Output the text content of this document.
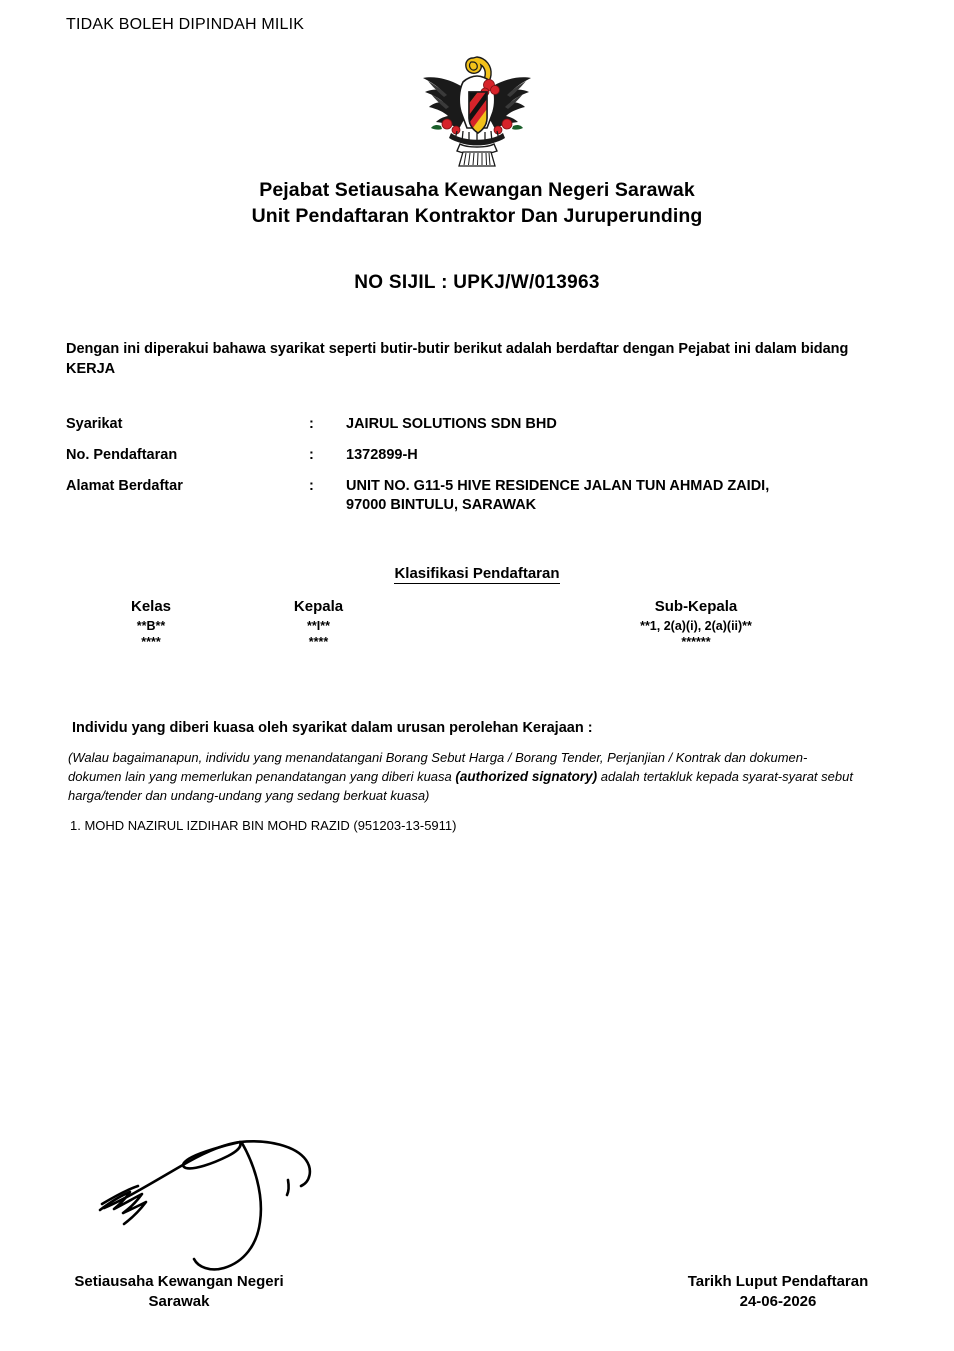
TIDAK BOLEH DIPINDAH MILIK
Pejabat Setiausaha Kewangan Negeri Sarawak
Unit Pendaftaran Kontraktor Dan Juruperunding
NO SIJIL : UPKJ/W/013963
Dengan ini diperakui bahawa syarikat seperti butir-butir berikut adalah berdaftar dengan Pejabat ini dalam bidang KERJA
Syarikat	:	JAIRUL SOLUTIONS SDN BHD
No. Pendaftaran	:	1372899-H
Alamat Berdaftar	:	UNIT NO. G11-5 HIVE RESIDENCE JALAN TUN AHMAD ZAIDI,
97000 BINTULU, SARAWAK
Klasifikasi Pendaftaran
Kelas	Kepala	Sub-Kepala
**B**	**I**	**1, 2(a)(i), 2(a)(ii)**
****	****	******
Individu yang diberi kuasa oleh syarikat dalam urusan perolehan Kerajaan :
(Walau bagaimanapun, individu yang menandatangani Borang Sebut Harga / Borang Tender, Perjanjian / Kontrak dan dokumen-dokumen lain yang memerlukan penandatangan yang diberi kuasa (authorized signatory) adalah tertakluk kepada syarat-syarat sebut harga/tender dan undang-undang yang sedang berkuat kuasa)
1. MOHD NAZIRUL IZDIHAR BIN MOHD RAZID (951203-13-5911)
Setiausaha Kewangan Negeri
Sarawak
Tarikh Luput Pendaftaran
24-06-2026
